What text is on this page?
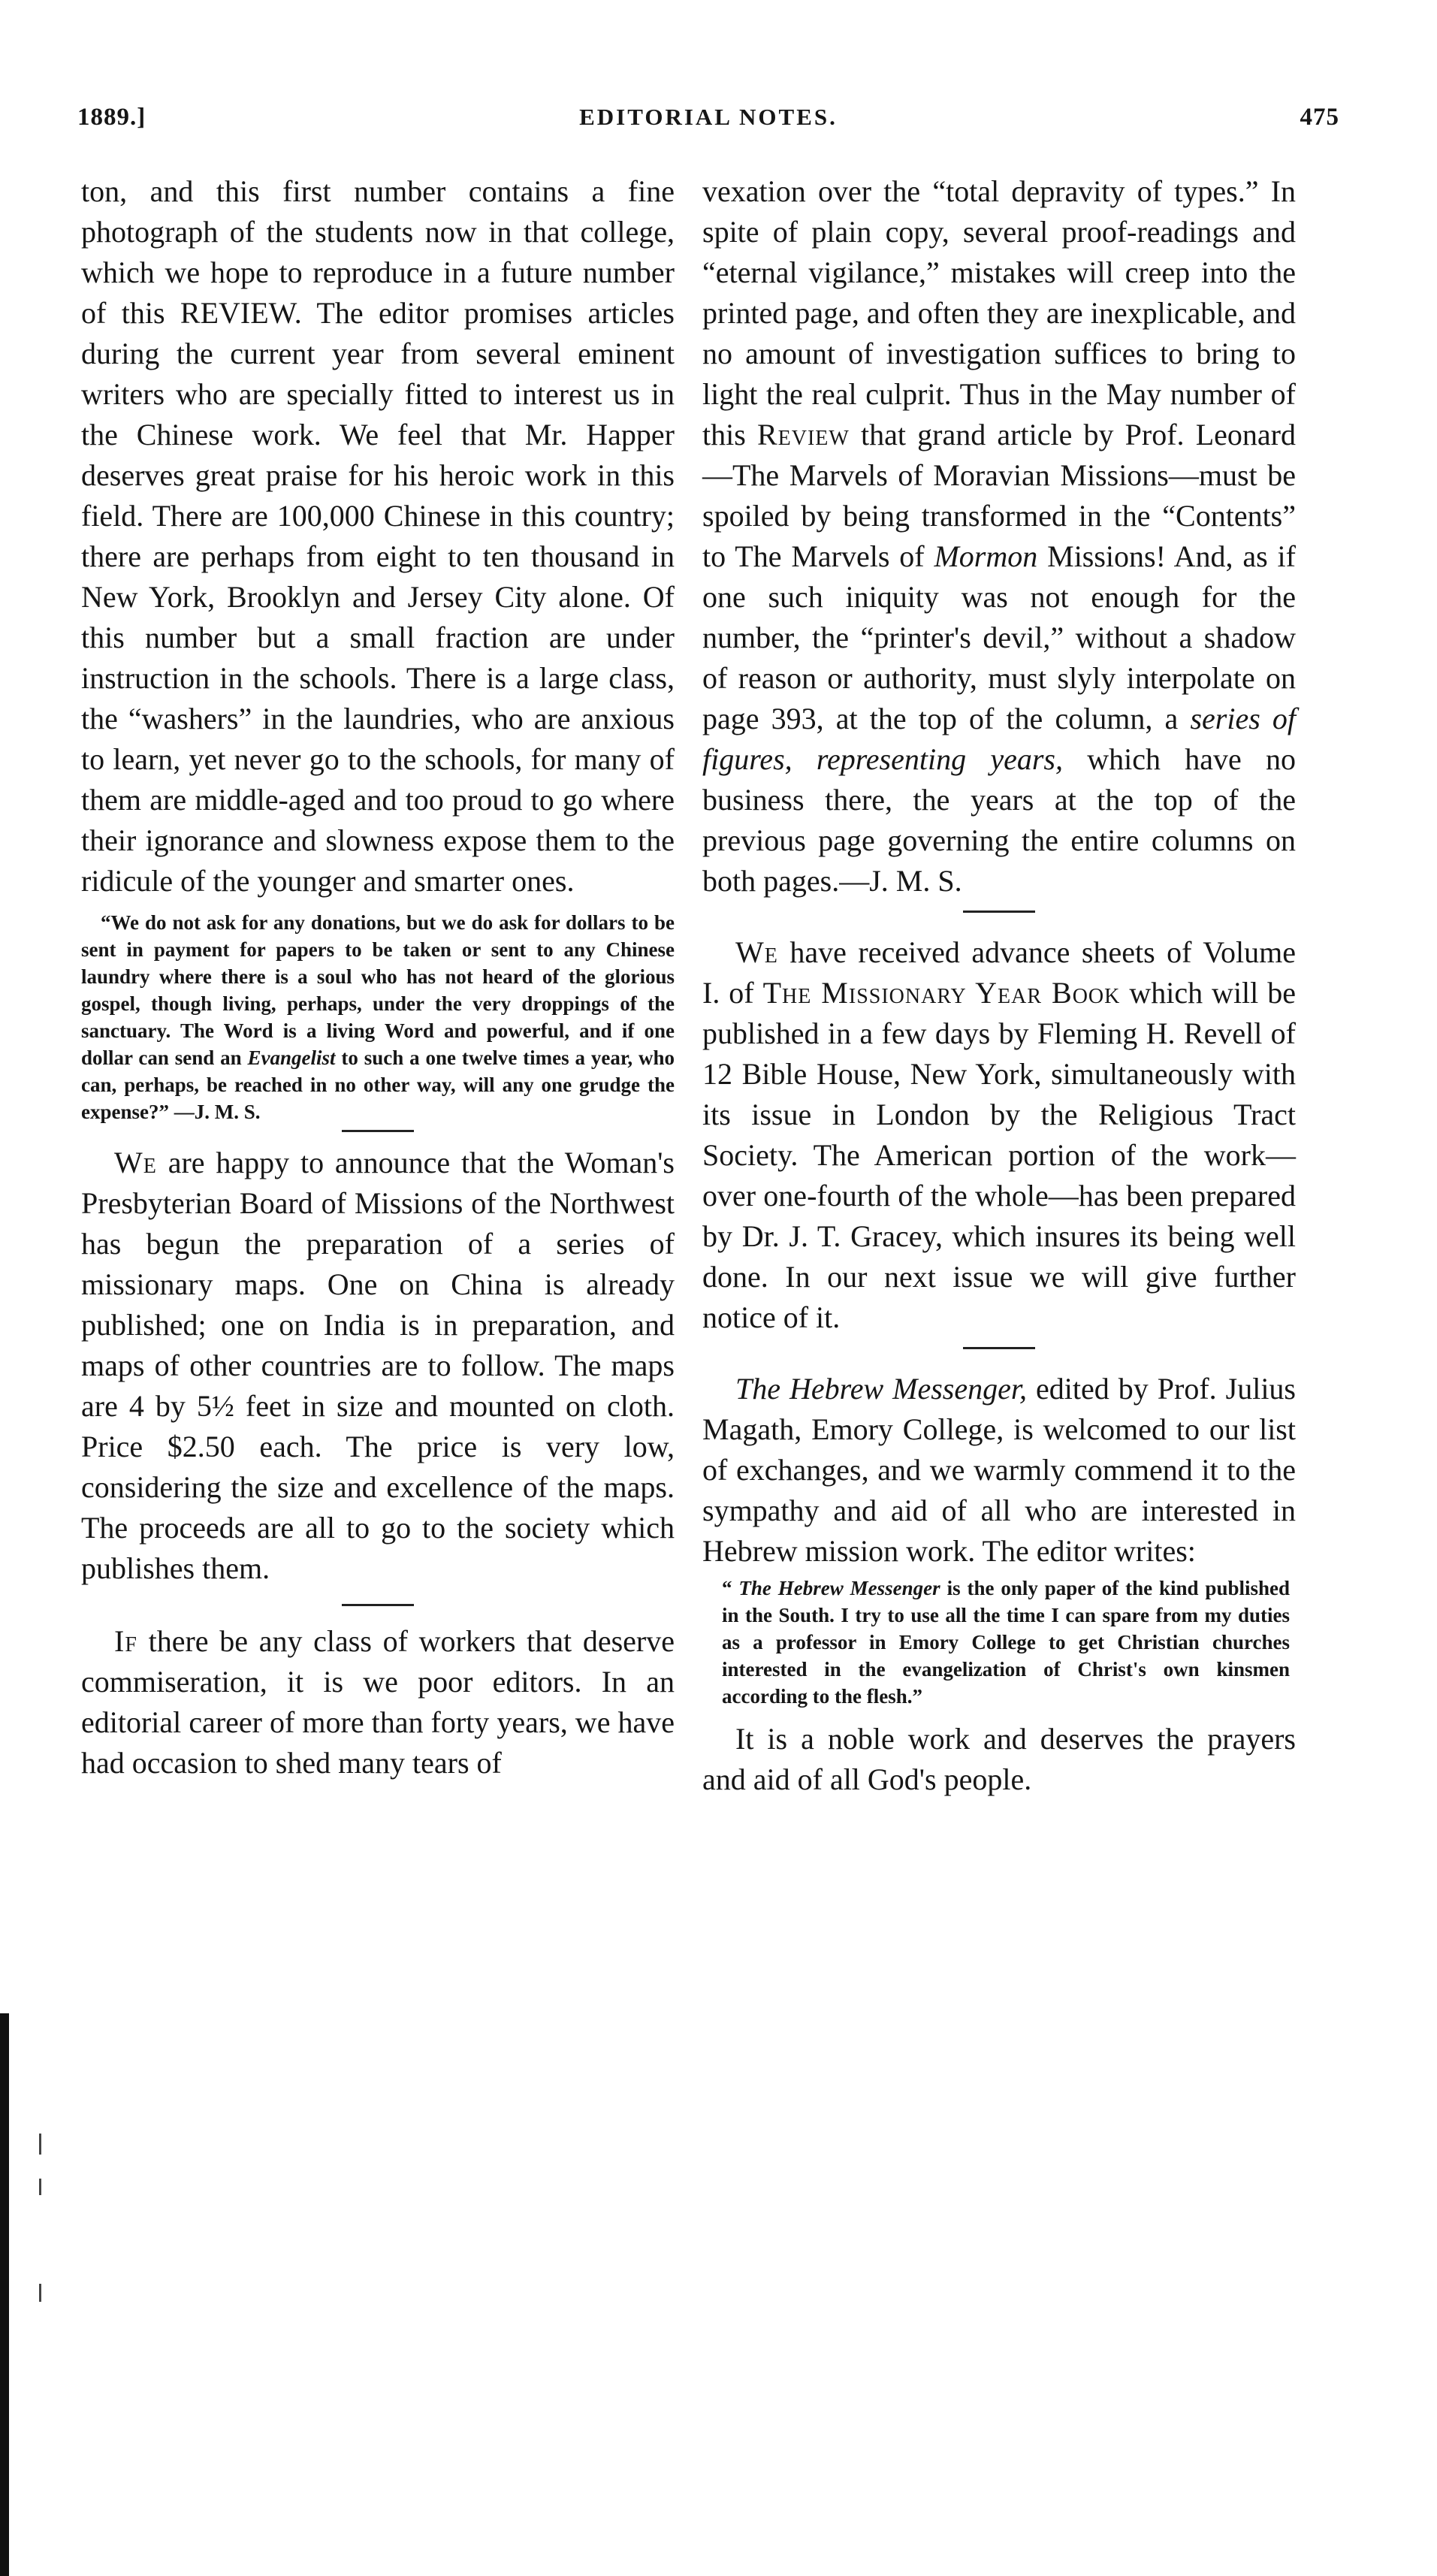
1889.]	EDITORIAL NOTES.	475

ton, and this first number contains a fine photograph of the students now in that college, which we hope to reproduce in a future number of this REVIEW. The editor promises articles during the current year from several eminent writers who are specially fitted to interest us in the Chinese work. We feel that Mr. Happer deserves great praise for his heroic work in this field. There are 100,000 Chinese in this country; there are perhaps from eight to ten thousand in New York, Brooklyn and Jersey City alone. Of this number but a small fraction are under instruction in the schools. There is a large class, the “washers” in the laundries, who are anxious to learn, yet never go to the schools, for many of them are middle-aged and too proud to go where their ignorance and slowness expose them to the ridicule of the younger and smarter ones.

“We do not ask for any donations, but we do ask for dollars to be sent in payment for papers to be taken or sent to any Chinese laundry where there is a soul who has not heard of the glorious gospel, though living, perhaps, under the very droppings of the sanctuary. The Word is a living Word and powerful, and if one dollar can send an Evangelist to such a one twelve times a year, who can, perhaps, be reached in no other way, will any one grudge the expense?” —J. M. S.

We are happy to announce that the Woman's Presbyterian Board of Missions of the Northwest has begun the preparation of a series of missionary maps. One on China is already published; one on India is in preparation, and maps of other countries are to follow. The maps are 4 by 5½ feet in size and mounted on cloth. Price $2.50 each. The price is very low, considering the size and excellence of the maps. The proceeds are all to go to the society which publishes them.

If there be any class of workers that deserve commiseration, it is we poor editors. In an editorial career of more than forty years, we have had occasion to shed many tears of

vexation over the “total depravity of types.” In spite of plain copy, several proof-readings and “eternal vigilance,” mistakes will creep into the printed page, and often they are inexplicable, and no amount of investigation suffices to bring to light the real culprit. Thus in the May number of this Review that grand article by Prof. Leonard—The Marvels of Moravian Missions—must be spoiled by being transformed in the “Contents” to The Marvels of Mormon Missions! And, as if one such iniquity was not enough for the number, the “printer's devil,” without a shadow of reason or authority, must slyly interpolate on page 393, at the top of the column, a series of figures, representing years, which have no business there, the years at the top of the previous page governing the entire columns on both pages.—J. M. S.

We have received advance sheets of Volume I. of The Missionary Year Book which will be published in a few days by Fleming H. Revell of 12 Bible House, New York, simultaneously with its issue in London by the Religious Tract Society. The American portion of the work—over one-fourth of the whole—has been prepared by Dr. J. T. Gracey, which insures its being well done. In our next issue we will give further notice of it.

The Hebrew Messenger, edited by Prof. Julius Magath, Emory College, is welcomed to our list of exchanges, and we warmly commend it to the sympathy and aid of all who are interested in Hebrew mission work. The editor writes:

“ The Hebrew Messenger is the only paper of the kind published in the South. I try to use all the time I can spare from my duties as a professor in Emory College to get Christian churches interested in the evangelization of Christ's own kinsmen according to the flesh.”

It is a noble work and deserves the prayers and aid of all God's people.
